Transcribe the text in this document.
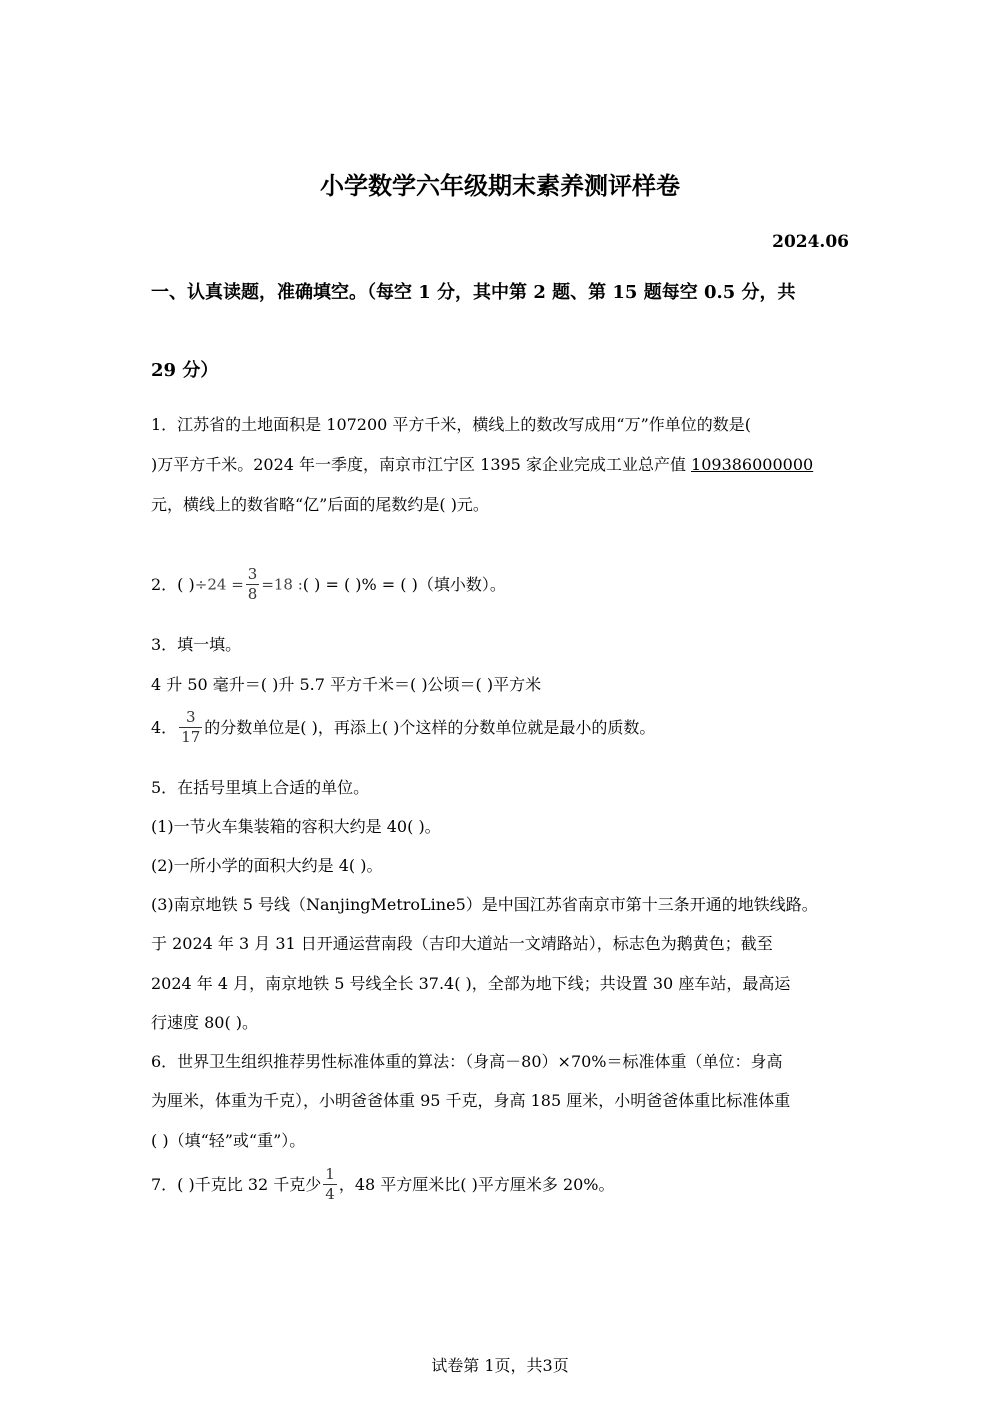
小学数学六年级期末素养测评样卷
2024.06
一、认真读题，准确填空。（每空 1 分，其中第 2 题、第 15 题每空 0.5 分，共
29 分）
1．江苏省的土地面积是 107200 平方千米，横线上的数改写成用“万”作单位的数是(
)万平方千米。2024 年一季度，南京市江宁区 1395 家企业完成工业总产值 109386000000
元，横线上的数省略“亿”后面的尾数约是( )元。
2．( )$\div 24 = \frac{3}{8} =18$ :( ) = ( )% = ( )（填小数）。
3．填一填。
4 升 50 毫升＝( )升 5.7 平方千米＝( )公顷＝( )平方米
4． $\frac{3}{17}$ 的分数单位是( )，再添上( )个这样的分数单位就是最小的质数。
5．在括号里填上合适的单位。
(1)一节火车集装箱的容积大约是 40( )。
(2)一所小学的面积大约是 4( )。
(3)南京地铁 5 号线（NanjingMetroLine5）是中国江苏省南京市第十三条开通的地铁线路。
于 2024 年 3 月 31 日开通运营南段（吉印大道站一文靖路站），标志色为鹅黄色；截至
2024 年 4 月，南京地铁 5 号线全长 37.4( )，全部为地下线；共设置 30 座车站，最高运
行速度 80( )。
6．世界卫生组织推荐男性标准体重的算法：（身高－80）×70%＝标准体重（单位：身高
为厘米，体重为千克），小明爸爸体重 95 千克，身高 185 厘米，小明爸爸体重比标准体重
( )（填“轻”或“重”）。
7．( )千克比 32 千克少 $\frac{1}{4}$ ，48 平方厘米比( )平方厘米多 20%。
试卷第 1页，共3页
